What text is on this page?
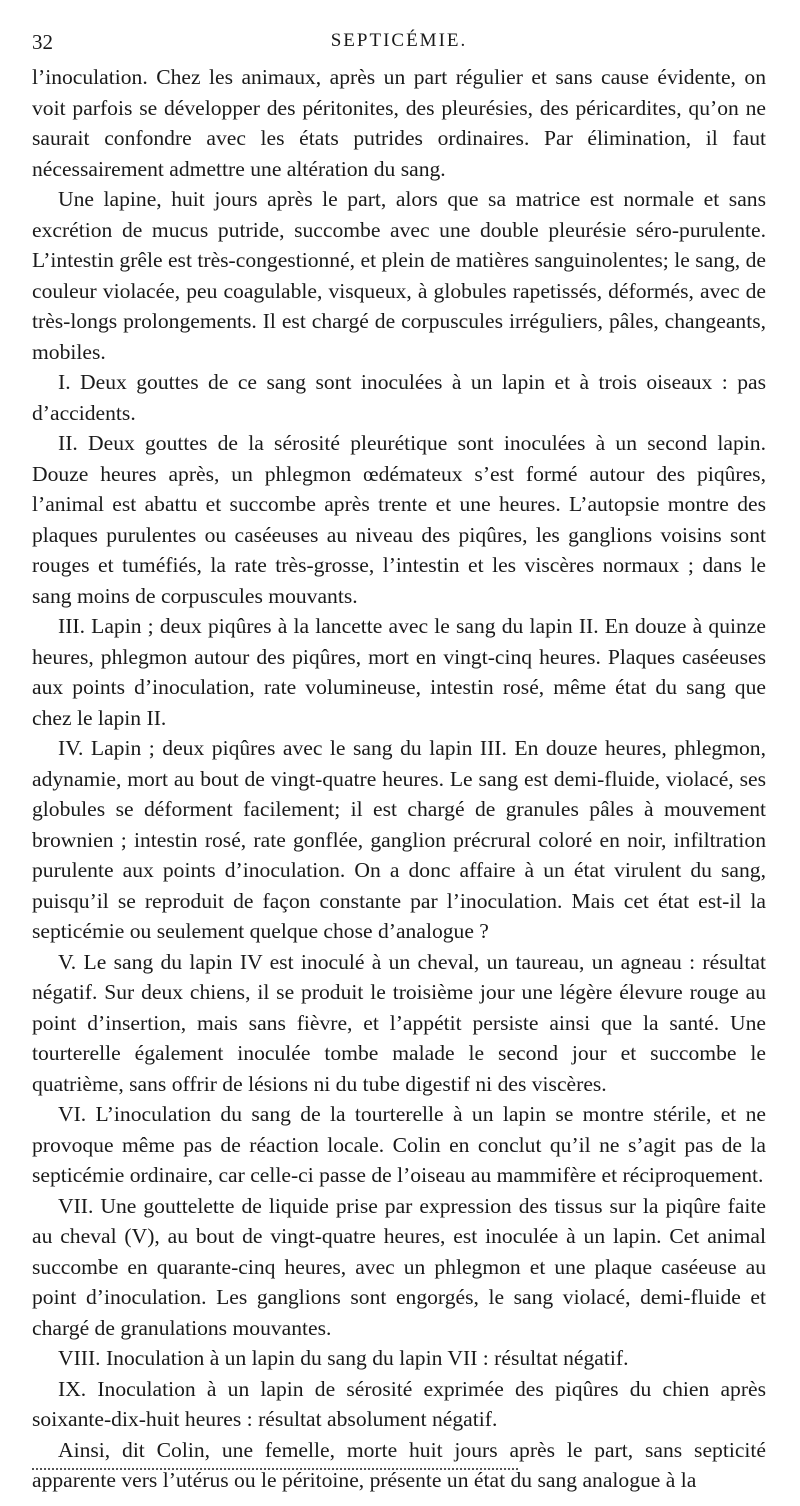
32	SEPTICÉMIE.

l’inoculation. Chez les animaux, après un part régulier et sans cause évidente, on voit parfois se développer des péritonites, des pleurésies, des péricardites, qu’on ne saurait confondre avec les états putrides ordinaires. Par élimination, il faut nécessairement admettre une altération du sang.

Une lapine, huit jours après le part, alors que sa matrice est normale et sans excrétion de mucus putride, succombe avec une double pleurésie séro-purulente. L’intestin grêle est très-congestionné, et plein de matières sanguinolentes; le sang, de couleur violacée, peu coagulable, visqueux, à globules rapetissés, déformés, avec de très-longs prolongements. Il est chargé de corpuscules irréguliers, pâles, changeants, mobiles.

I. Deux gouttes de ce sang sont inoculées à un lapin et à trois oiseaux : pas d’accidents.

II. Deux gouttes de la sérosité pleurétique sont inoculées à un second lapin. Douze heures après, un phlegmon œdémateux s’est formé autour des piqûres, l’animal est abattu et succombe après trente et une heures. L’autopsie montre des plaques purulentes ou caséeuses au niveau des piqûres, les ganglions voisins sont rouges et tuméfiés, la rate très-grosse, l’intestin et les viscères normaux ; dans le sang moins de corpuscules mouvants.

III. Lapin ; deux piqûres à la lancette avec le sang du lapin II. En douze à quinze heures, phlegmon autour des piqûres, mort en vingt-cinq heures. Plaques caséeuses aux points d’inoculation, rate volumineuse, intestin rosé, même état du sang que chez le lapin II.

IV. Lapin ; deux piqûres avec le sang du lapin III. En douze heures, phlegmon, adynamie, mort au bout de vingt-quatre heures. Le sang est demi-fluide, violacé, ses globules se déforment facilement; il est chargé de granules pâles à mouvement brownien ; intestin rosé, rate gonflée, ganglion précrural coloré en noir, infiltration purulente aux points d’inoculation. On a donc affaire à un état virulent du sang, puisqu’il se reproduit de façon constante par l’inoculation. Mais cet état est-il la septicémie ou seulement quelque chose d’analogue ?

V. Le sang du lapin IV est inoculé à un cheval, un taureau, un agneau : résultat négatif. Sur deux chiens, il se produit le troisième jour une légère élevure rouge au point d’insertion, mais sans fièvre, et l’appétit persiste ainsi que la santé. Une tourterelle également inoculée tombe malade le second jour et succombe le quatrième, sans offrir de lésions ni du tube digestif ni des viscères.

VI. L’inoculation du sang de la tourterelle à un lapin se montre stérile, et ne provoque même pas de réaction locale. Colin en conclut qu’il ne s’agit pas de la septicémie ordinaire, car celle-ci passe de l’oiseau au mammifère et réciproquement.

VII. Une gouttelette de liquide prise par expression des tissus sur la piqûre faite au cheval (V), au bout de vingt-quatre heures, est inoculée à un lapin. Cet animal succombe en quarante-cinq heures, avec un phlegmon et une plaque caséeuse au point d’inoculation. Les ganglions sont engorgés, le sang violacé, demi-fluide et chargé de granulations mouvantes.

VIII. Inoculation à un lapin du sang du lapin VII : résultat négatif.

IX. Inoculation à un lapin de sérosité exprimée des piqûres du chien après soixante-dix-huit heures : résultat absolument négatif.

Ainsi, dit Colin, une femelle, morte huit jours après le part, sans septicité apparente vers l’utérus ou le péritoine, présente un état du sang analogue à la
